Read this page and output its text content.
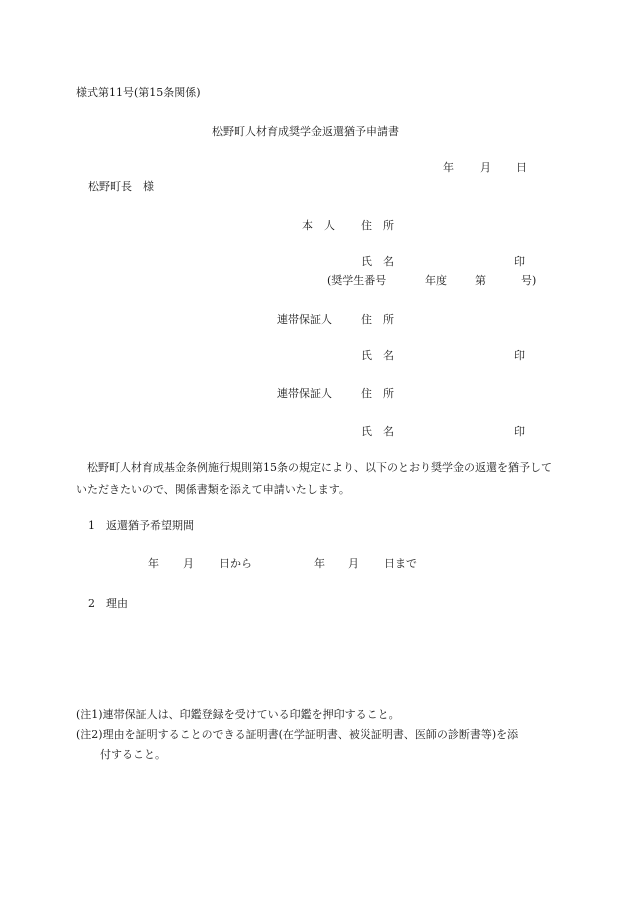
様式第11号(第15条関係)
松野町人材育成奨学金返還猶予申請書
年 月 日
松野町長　様
本　人 住　所
氏　名	印
(奨学生番号	年度	第	号)
連帯保証人	住　所
氏　名	印
連帯保証人	住　所
氏　名	印
松野町人材育成基金条例施行規則第15条の規定により、以下のとおり奨学金の返還を猶予していただきたいので、関係書類を添えて申請いたします。
1 返還猶予希望期間
年 月 日から	年 月 日まで
2 理由
(注1)連帯保証人は、印鑑登録を受けている印鑑を押印すること。
(注2)理由を証明することのできる証明書(在学証明書、被災証明書、医師の診断書等)を添
付すること。
